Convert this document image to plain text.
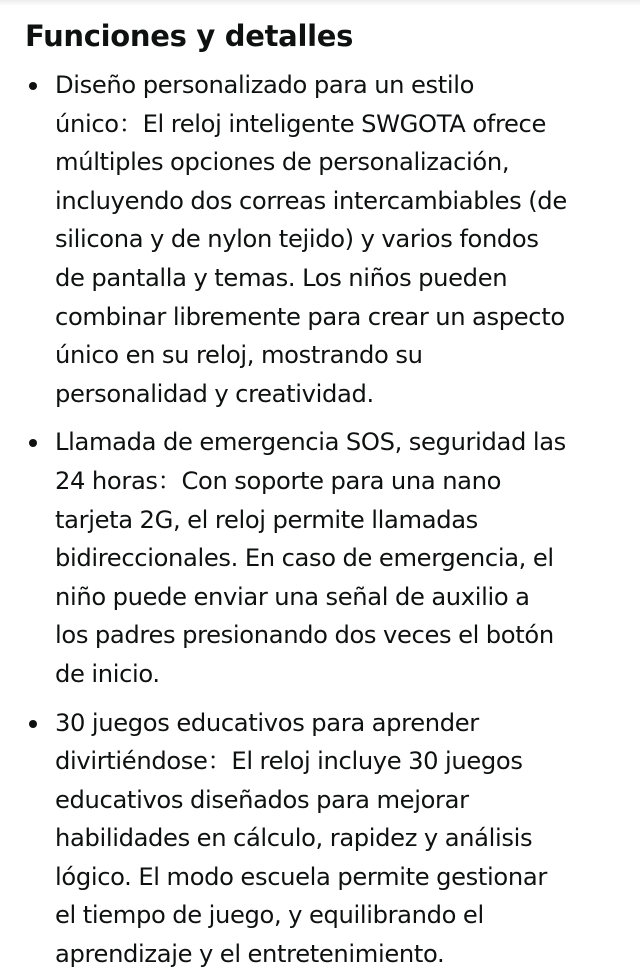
Funciones y detalles
Diseño personalizado para un estilo
único：El reloj inteligente SWGOTA ofrece
múltiples opciones de personalización,
incluyendo dos correas intercambiables (de
silicona y de nylon tejido) y varios fondos
de pantalla y temas. Los niños pueden
combinar libremente para crear un aspecto
único en su reloj, mostrando su
personalidad y creatividad.
Llamada de emergencia SOS, seguridad las
24 horas：Con soporte para una nano
tarjeta 2G, el reloj permite llamadas
bidireccionales. En caso de emergencia, el
niño puede enviar una señal de auxilio a
los padres presionando dos veces el botón
de inicio.
30 juegos educativos para aprender
divirtiéndose：El reloj incluye 30 juegos
educativos diseñados para mejorar
habilidades en cálculo, rapidez y análisis
lógico. El modo escuela permite gestionar
el tiempo de juego, y equilibrando el
aprendizaje y el entretenimiento.
